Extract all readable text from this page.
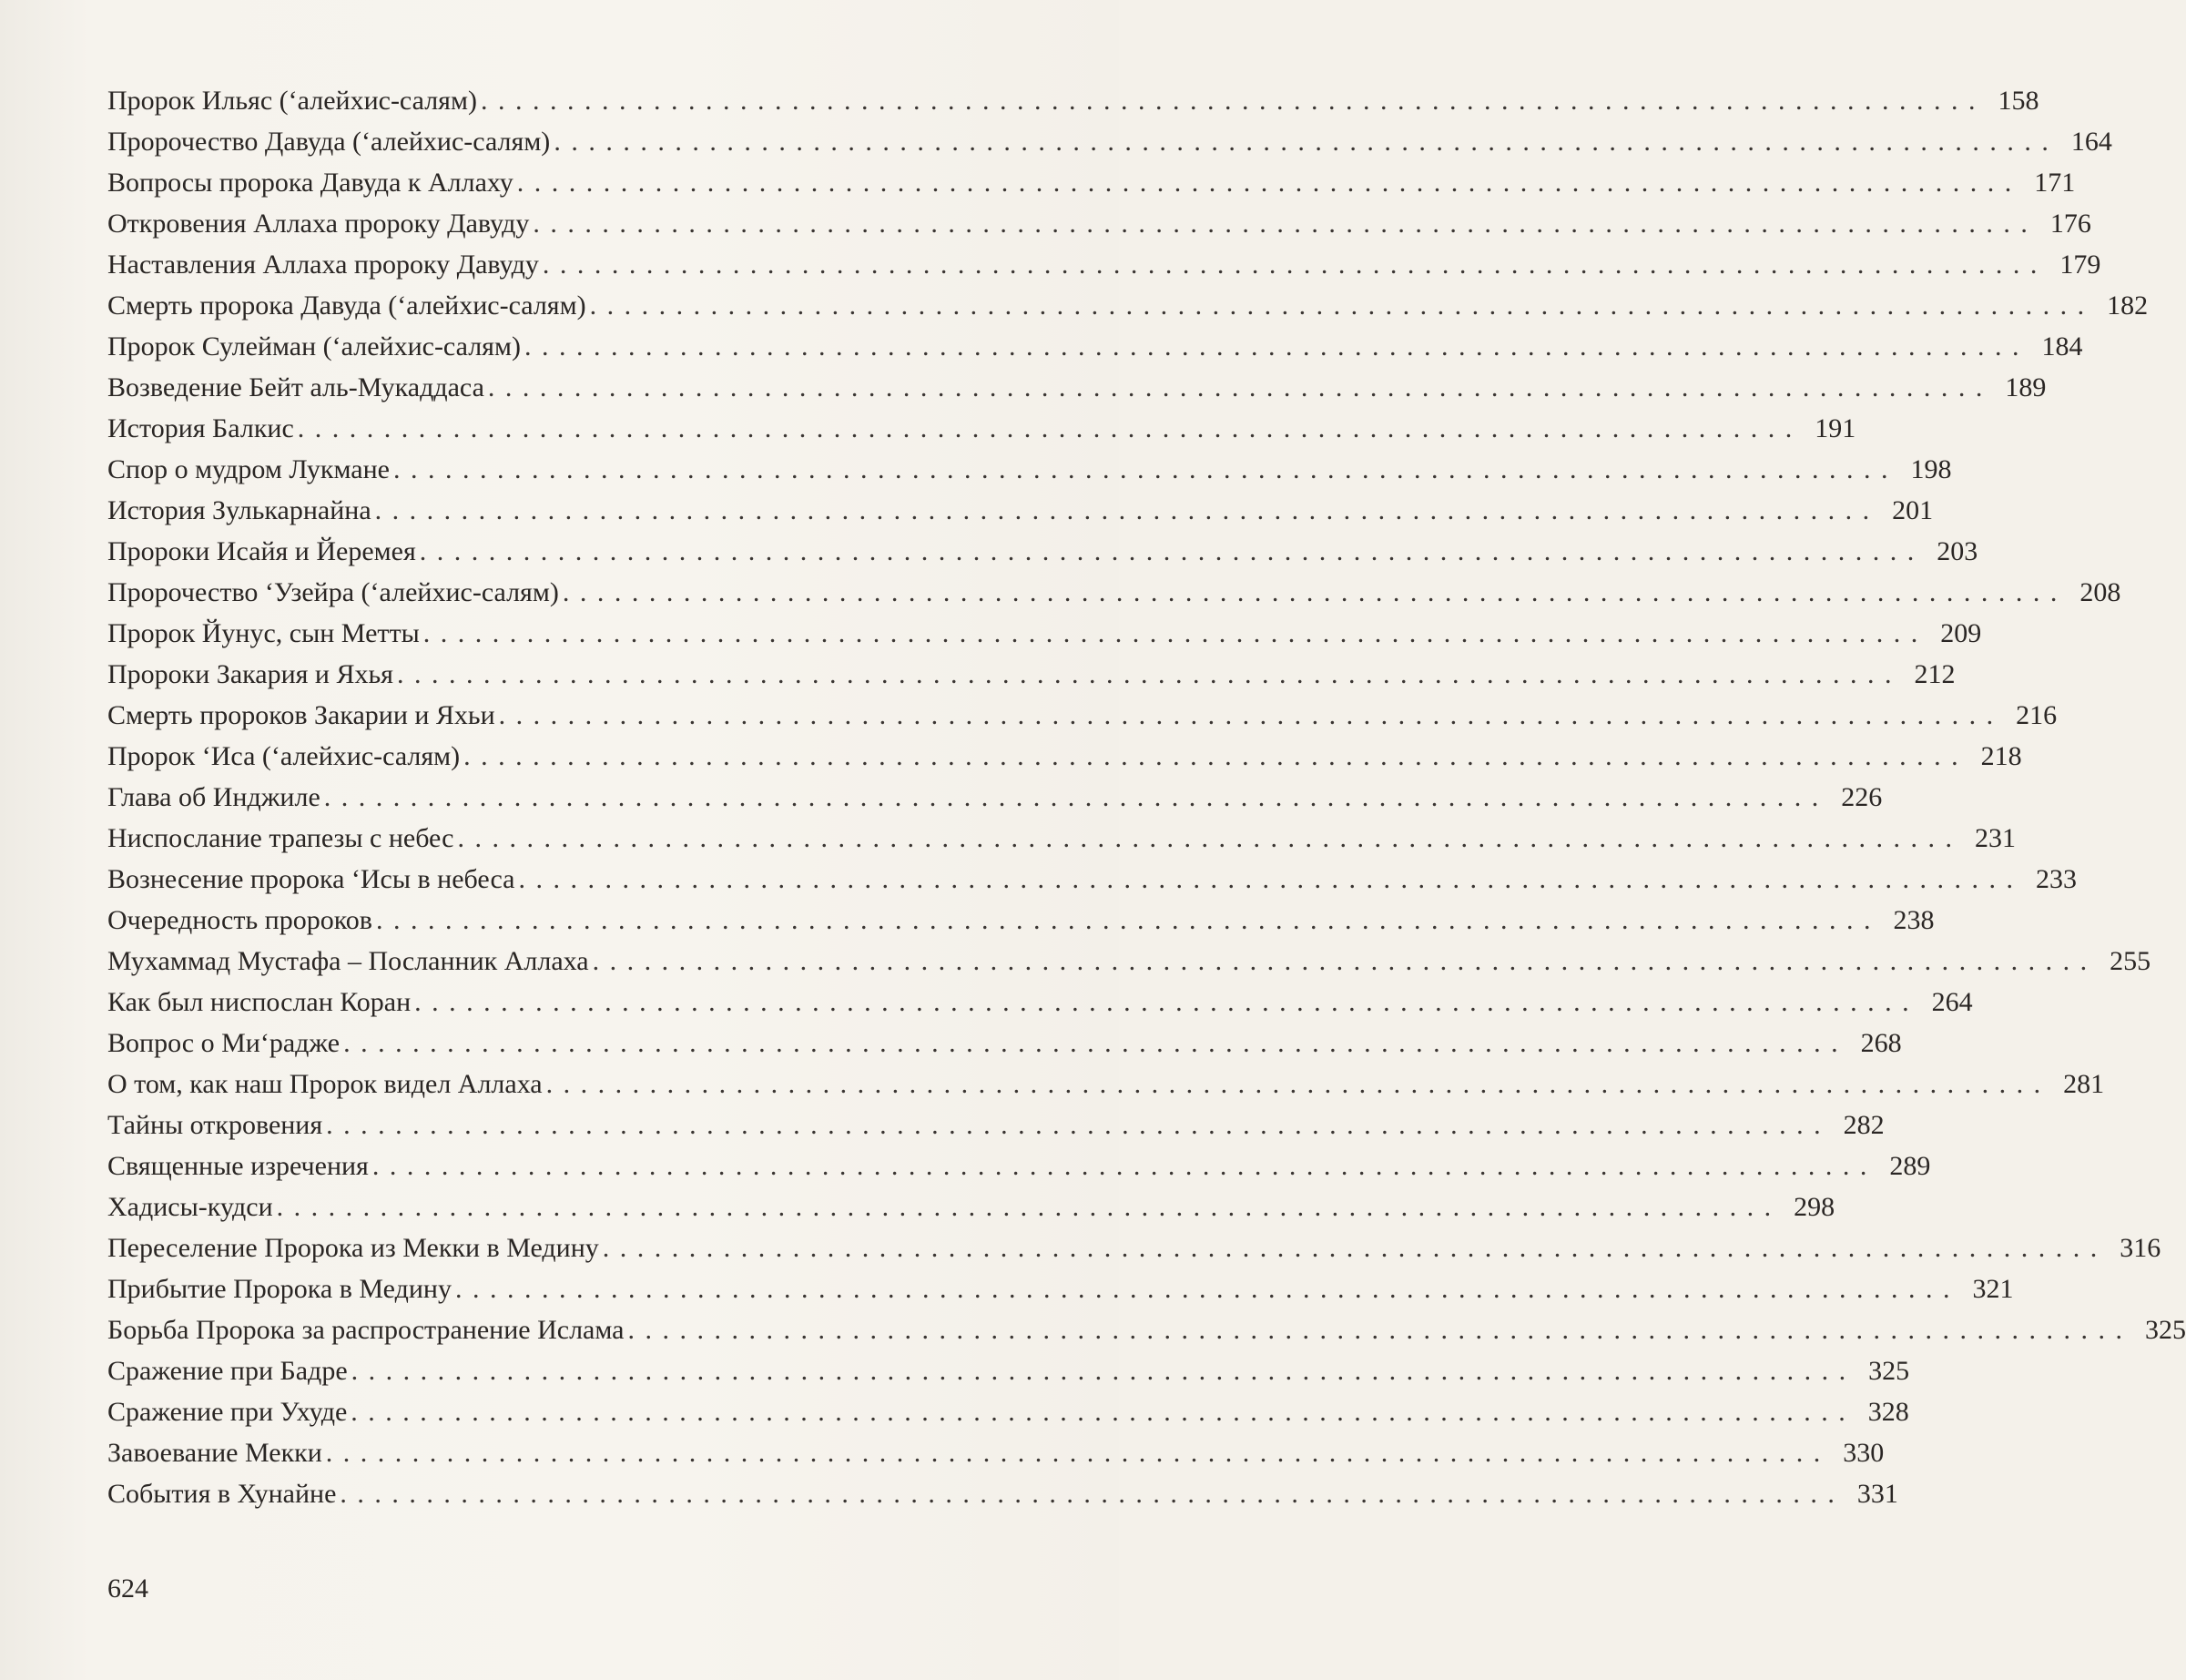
Пророк Ильяс (‘алейхис-салям) . . .	158
Пророчество Давуда (‘алейхис-салям) . . .	164
Вопросы пророка Давуда к Аллаху . . .	171
Откровения Аллаха пророку Давуду . . .	176
Наставления Аллаха пророку Давуду . . .	179
Смерть пророка Давуда (‘алейхис-салям) . . .	182
Пророк Сулейман (‘алейхис-салям) . . .	184
Возведение Бейт аль-Мукаддаса . . .	189
История Балкис . . .	191
Спор о мудром Лукмане . . .	198
История Зулькарнайна . . .	201
Пророки Исайя и Йеремея . . .	203
Пророчество ‘Узейра (‘алейхис-салям) . . .	208
Пророк Йунус, сын Метты . . .	209
Пророки Закария и Яхья . . .	212
Смерть пророков Закарии и Яхьи . . .	216
Пророк ‘Иса (‘алейхис-салям) . . .	218
Глава об Инджиле . . .	226
Ниспослание трапезы с небес . . .	231
Вознесение пророка ‘Исы в небеса . . .	233
Очередность пророков . . .	238
Мухаммад Мустафа – Посланник Аллаха . . .	255
Как был ниспослан Коран . . .	264
Вопрос о Ми‘радже . . .	268
О том, как наш Пророк видел Аллаха . . .	281
Тайны откровения . . .	282
Священные изречения . . .	289
Хадисы-кудси . . .	298
Переселение Пророка из Мекки в Медину . . .	316
Прибытие Пророка в Медину . . .	321
Борьба Пророка за распространение Ислама . . .	325
Сражение при Бадре . . .	325
Сражение при Ухуде . . .	328
Завоевание Мекки . . .	330
События в Хунайне . . .	331
624
